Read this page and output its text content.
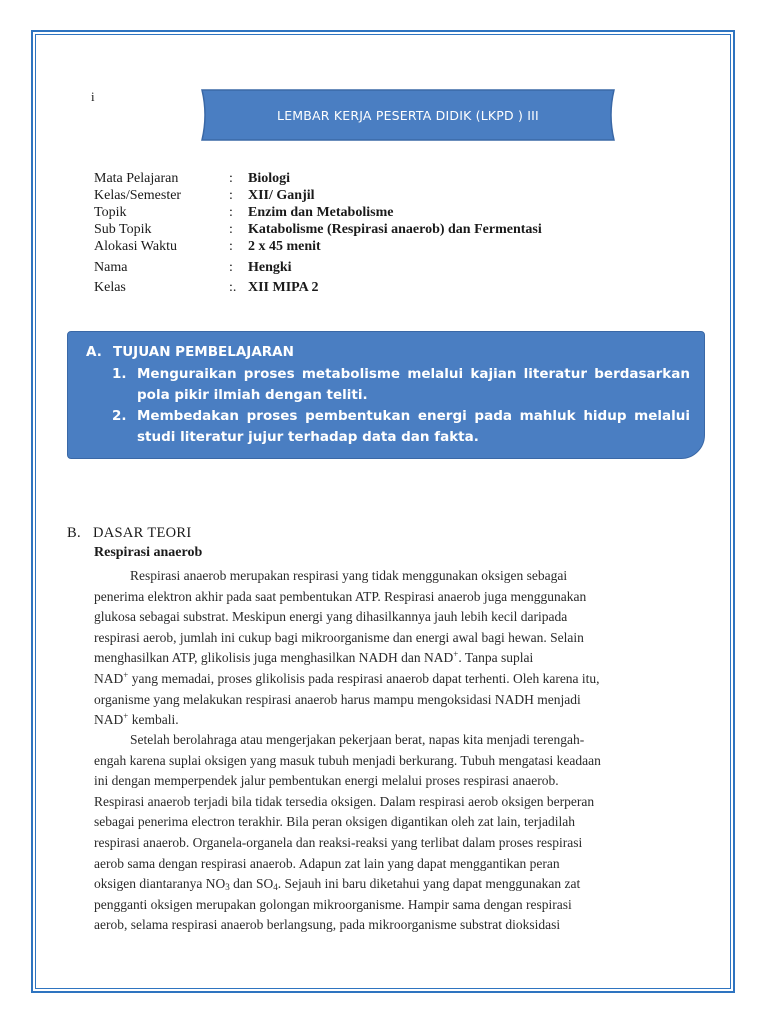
i
LEMBAR KERJA PESERTA DIDIK (LKPD ) III
Mata Pelajaran	: Biologi
Kelas/Semester	: XII/ Ganjil
Topik	: Enzim dan Metabolisme
Sub Topik	: Katabolisme (Respirasi anaerob) dan Fermentasi
Alokasi Waktu	: 2 x 45 menit
Nama	: Hengki
Kelas	:. XII MIPA 2
A. TUJUAN PEMBELAJARAN
1. Menguraikan proses metabolisme melalui kajian literatur berdasarkan pola pikir ilmiah dengan teliti.
2. Membedakan proses pembentukan energi pada mahluk hidup melalui studi literatur jujur terhadap data dan fakta.
B. DASAR TEORI
Respirasi anaerob
Respirasi anaerob merupakan respirasi yang tidak menggunakan oksigen sebagai
penerima elektron akhir pada saat pembentukan ATP. Respirasi anaerob juga menggunakan
glukosa sebagai substrat. Meskipun energi yang dihasilkannya jauh lebih kecil daripada
respirasi aerob, jumlah ini cukup bagi mikroorganisme dan energi awal bagi hewan. Selain
menghasilkan ATP, glikolisis juga menghasilkan NADH dan NAD+. Tanpa suplai
NAD+ yang memadai, proses glikolisis pada respirasi anaerob dapat terhenti. Oleh karena itu,
organisme yang melakukan respirasi anaerob harus mampu mengoksidasi NADH menjadi
NAD+ kembali.
Setelah berolahraga atau mengerjakan pekerjaan berat, napas kita menjadi terengah-
engah karena suplai oksigen yang masuk tubuh menjadi berkurang. Tubuh mengatasi keadaan
ini dengan memperpendek jalur pembentukan energi melalui proses respirasi anaerob.
Respirasi anaerob terjadi bila tidak tersedia oksigen. Dalam respirasi aerob oksigen berperan
sebagai penerima electron terakhir. Bila peran oksigen digantikan oleh zat lain, terjadilah
respirasi anaerob. Organela-organela dan reaksi-reaksi yang terlibat dalam proses respirasi
aerob sama dengan respirasi anaerob. Adapun zat lain yang dapat menggantikan peran
oksigen diantaranya $NO_3$ dan $SO_4$. Sejauh ini baru diketahui yang dapat menggunakan zat
pengganti oksigen merupakan golongan mikroorganisme. Hampir sama dengan respirasi
aerob, selama respirasi anaerob berlangsung, pada mikroorganisme substrat dioksidasi
